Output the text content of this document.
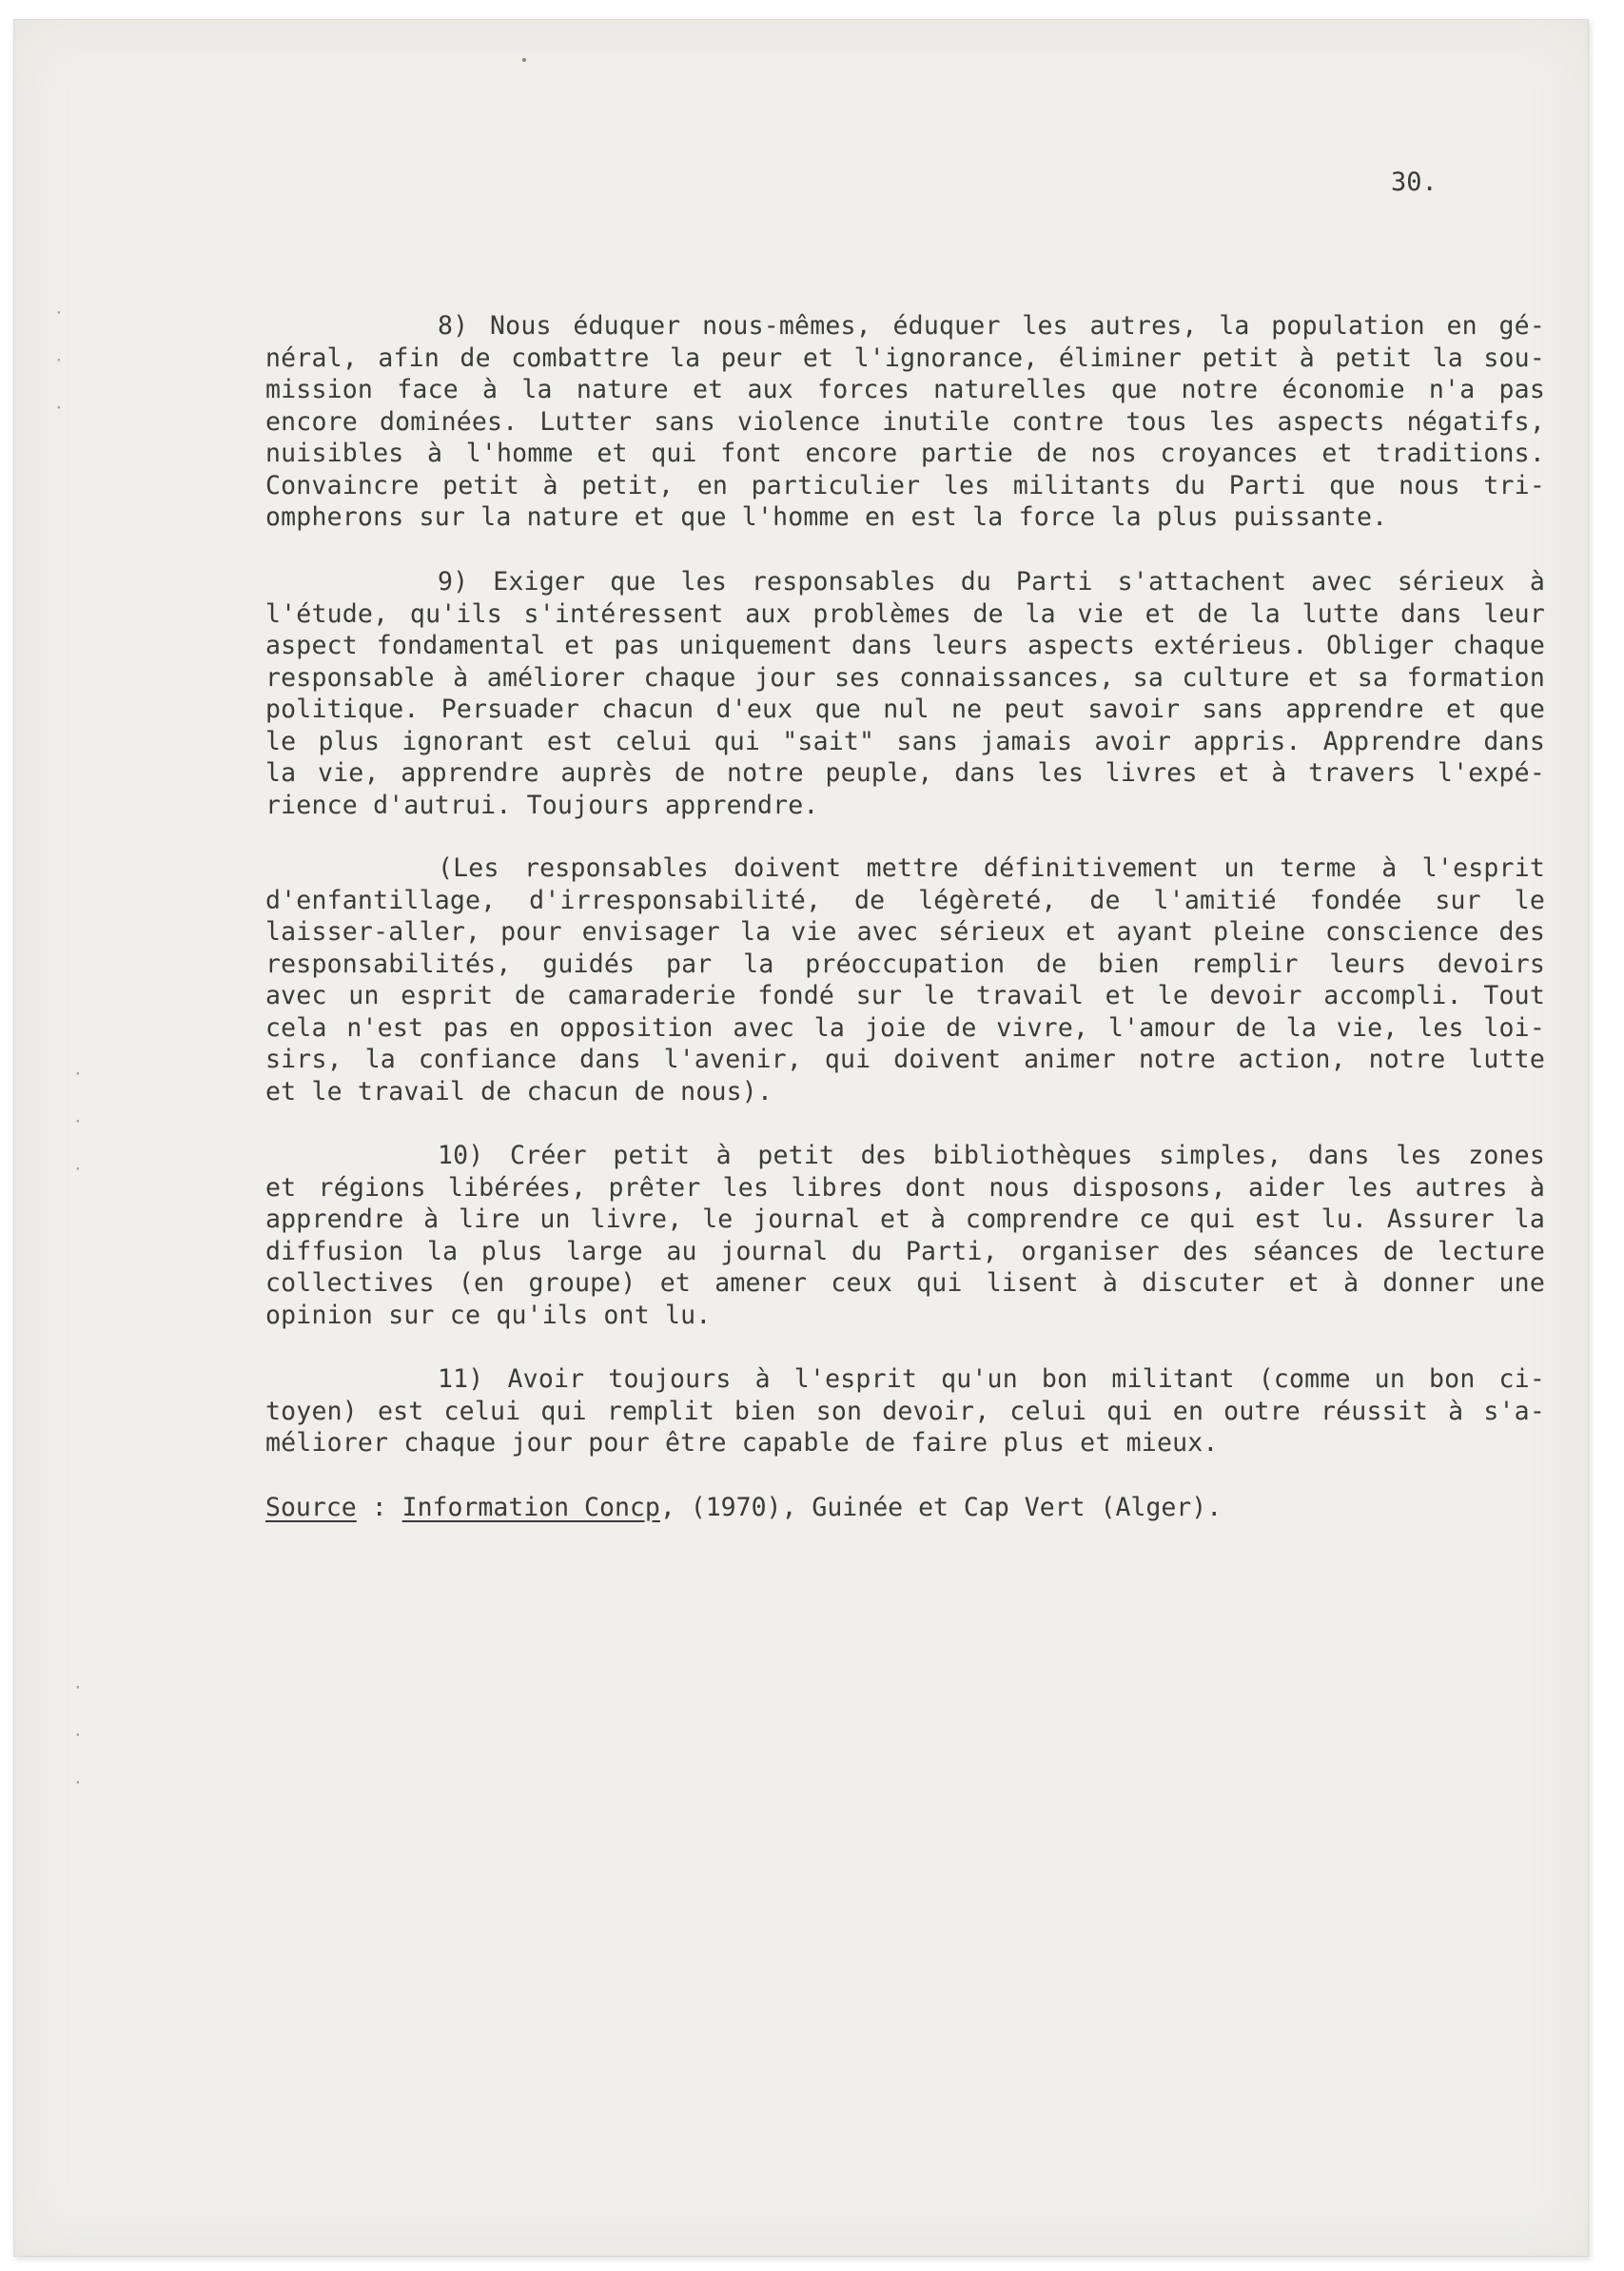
·
·
·
·
·
·
·
·
·

30.

8) Nous éduquer nous-mêmes, éduquer les autres, la population en gé-
néral, afin de combattre la peur et l'ignorance, éliminer petit à petit la sou-
mission face à la nature et aux forces naturelles que notre économie n'a pas
encore dominées. Lutter sans violence inutile contre tous les aspects négatifs,
nuisibles à l'homme et qui font encore partie de nos croyances et traditions.
Convaincre petit à petit, en particulier les militants du Parti que nous tri-
ompherons sur la nature et que l'homme en est la force la plus puissante.
9) Exiger que les responsables du Parti s'attachent avec sérieux à
l'étude, qu'ils s'intéressent aux problèmes de la vie et de la lutte dans leur
aspect fondamental et pas uniquement dans leurs aspects extérieus. Obliger chaque
responsable à améliorer chaque jour ses connaissances, sa culture et sa formation
politique. Persuader chacun d'eux que nul ne peut savoir sans apprendre et que
le plus ignorant est celui qui "sait" sans jamais avoir appris. Apprendre dans
la vie, apprendre auprès de notre peuple, dans les livres et à travers l'expé-
rience d'autrui. Toujours apprendre.
(Les responsables doivent mettre définitivement un terme à l'esprit
d'enfantillage, d'irresponsabilité, de légèreté, de l'amitié fondée sur le
laisser-aller, pour envisager la vie avec sérieux et ayant pleine conscience des
responsabilités, guidés par la préoccupation de bien remplir leurs devoirs
avec un esprit de camaraderie fondé sur le travail et le devoir accompli. Tout
cela n'est pas en opposition avec la joie de vivre, l'amour de la vie, les loi-
sirs, la confiance dans l'avenir, qui doivent animer notre action, notre lutte
et le travail de chacun de nous).
10) Créer petit à petit des bibliothèques simples, dans les zones
et régions libérées, prêter les libres dont nous disposons, aider les autres à
apprendre à lire un livre, le journal et à comprendre ce qui est lu. Assurer la
diffusion la plus large au journal du Parti, organiser des séances de lecture
collectives (en groupe) et amener ceux qui lisent à discuter et à donner une
opinion sur ce qu'ils ont lu.
11) Avoir toujours à l'esprit qu'un bon militant (comme un bon ci-
toyen) est celui qui remplit bien son devoir, celui qui en outre réussit à s'a-
méliorer chaque jour pour être capable de faire plus et mieux.

Source : Information Concp, (1970), Guinée et Cap Vert (Alger).
